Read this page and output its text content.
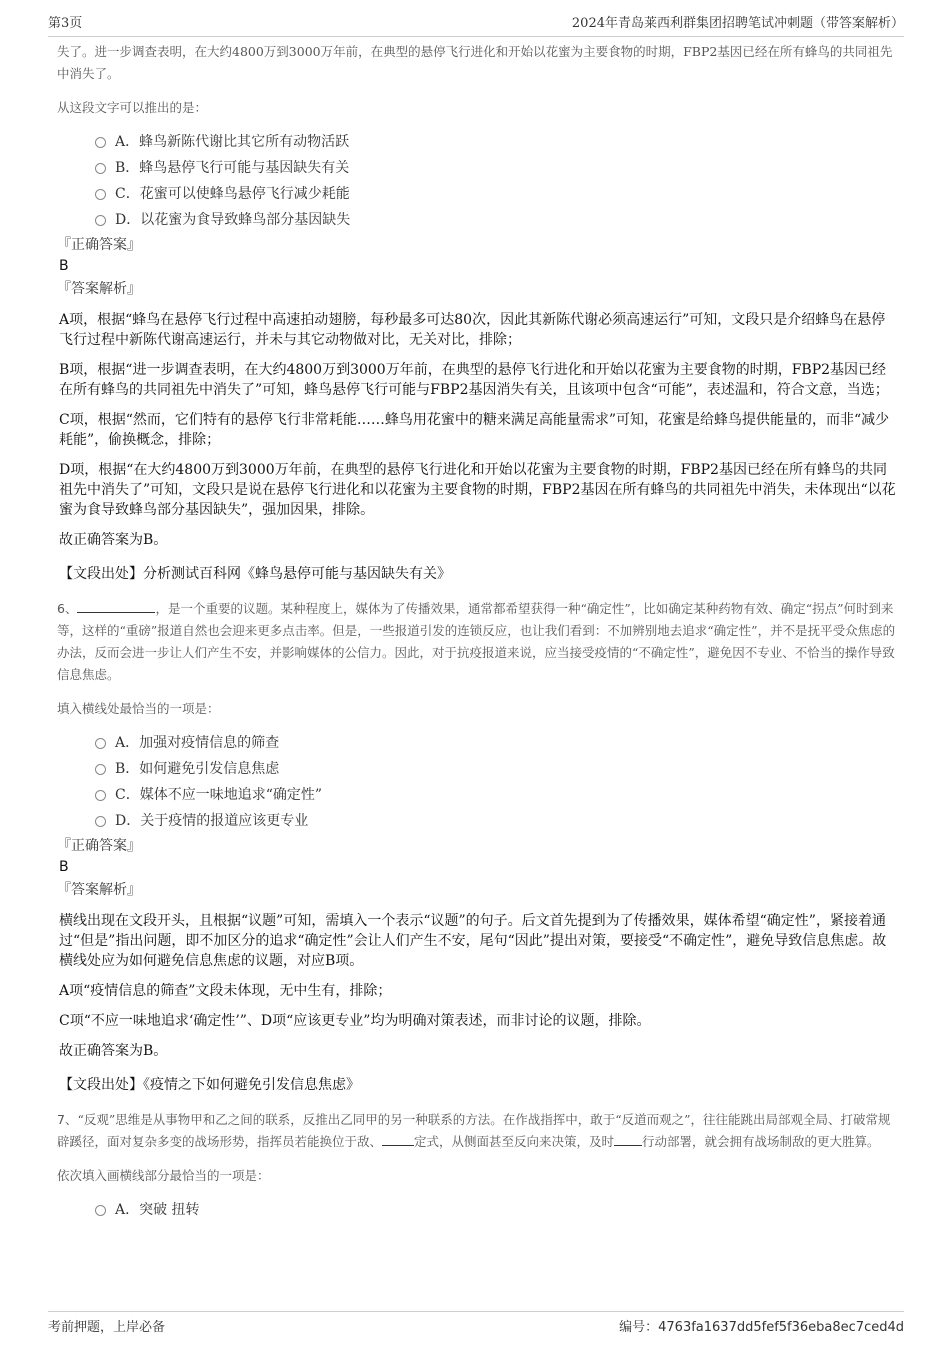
第3页	2024年青岛莱西利群集团招聘笔试冲刺题（带答案解析）

失了。进一步调查表明，在大约4800万到3000万年前，在典型的悬停飞行进化和开始以花蜜为主要食物的时期，FBP2基因已经在所有蜂鸟的共同祖先中消失了。

从这段文字可以推出的是：

A．蜂鸟新陈代谢比其它所有动物活跃
B．蜂鸟悬停飞行可能与基因缺失有关
C．花蜜可以使蜂鸟悬停飞行减少耗能
D．以花蜜为食导致蜂鸟部分基因缺失
『正确答案』
B
『答案解析』

A项，根据“蜂鸟在悬停飞行过程中高速拍动翅膀，每秒最多可达80次，因此其新陈代谢必须高速运行”可知，文段只是介绍蜂鸟在悬停飞行过程中新陈代谢高速运行，并未与其它动物做对比，无关对比，排除；

B项，根据“进一步调查表明，在大约4800万到3000万年前，在典型的悬停飞行进化和开始以花蜜为主要食物的时期，FBP2基因已经在所有蜂鸟的共同祖先中消失了”可知，蜂鸟悬停飞行可能与FBP2基因消失有关，且该项中包含“可能”，表述温和，符合文意，当选；

C项，根据“然而，它们特有的悬停飞行非常耗能……蜂鸟用花蜜中的糖来满足高能量需求”可知，花蜜是给蜂鸟提供能量的，而非“减少耗能”，偷换概念，排除；

D项，根据“在大约4800万到3000万年前，在典型的悬停飞行进化和开始以花蜜为主要食物的时期，FBP2基因已经在所有蜂鸟的共同祖先中消失了”可知，文段只是说在悬停飞行进化和以花蜜为主要食物的时期，FBP2基因在所有蜂鸟的共同祖先中消失，未体现出“以花蜜为食导致蜂鸟部分基因缺失”，强加因果，排除。

故正确答案为B。

【文段出处】分析测试百科网《蜂鸟悬停可能与基因缺失有关》

6、	，是一个重要的议题。某种程度上，媒体为了传播效果，通常都希望获得一种“确定性”，比如确定某种药物有效、确定“拐点”何时到来等，这样的“重磅”报道自然也会迎来更多点击率。但是，一些报道引发的连锁反应，也让我们看到：不加辨别地去追求“确定性”，并不是抚平受众焦虑的办法，反而会进一步让人们产生不安，并影响媒体的公信力。因此，对于抗疫报道来说，应当接受疫情的“不确定性”，避免因不专业、不恰当的操作导致信息焦虑。

填入横线处最恰当的一项是：

A．加强对疫情信息的筛查
B．如何避免引发信息焦虑
C．媒体不应一味地追求“确定性”
D．关于疫情的报道应该更专业
『正确答案』
B
『答案解析』

横线出现在文段开头，且根据“议题”可知，需填入一个表示“议题”的句子。后文首先提到为了传播效果，媒体希望“确定性”，紧接着通过“但是”指出问题，即不加区分的追求“确定性”会让人们产生不安，尾句“因此”提出对策，要接受“不确定性”，避免导致信息焦虑。故横线处应为如何避免信息焦虑的议题，对应B项。

A项“疫情信息的筛查”文段未体现，无中生有，排除；

C项“不应一味地追求‘确定性’”、D项“应该更专业”均为明确对策表述，而非讨论的议题，排除。

故正确答案为B。

【文段出处】《疫情之下如何避免引发信息焦虑》

7、“反观”思维是从事物甲和乙之间的联系，反推出乙同甲的另一种联系的方法。在作战指挥中，敢于“反道而观之”，往往能跳出局部观全局、打破常规辟蹊径，面对复杂多变的战场形势，指挥员若能换位于敌、	定式，从侧面甚至反向来决策，及时 行动部署，就会拥有战场制敌的更大胜算。

依次填入画横线部分最恰当的一项是：

A．突破 扭转
考前押题，上岸必备	编号：4763fa1637dd5fef5f36eba8ec7ced4d
